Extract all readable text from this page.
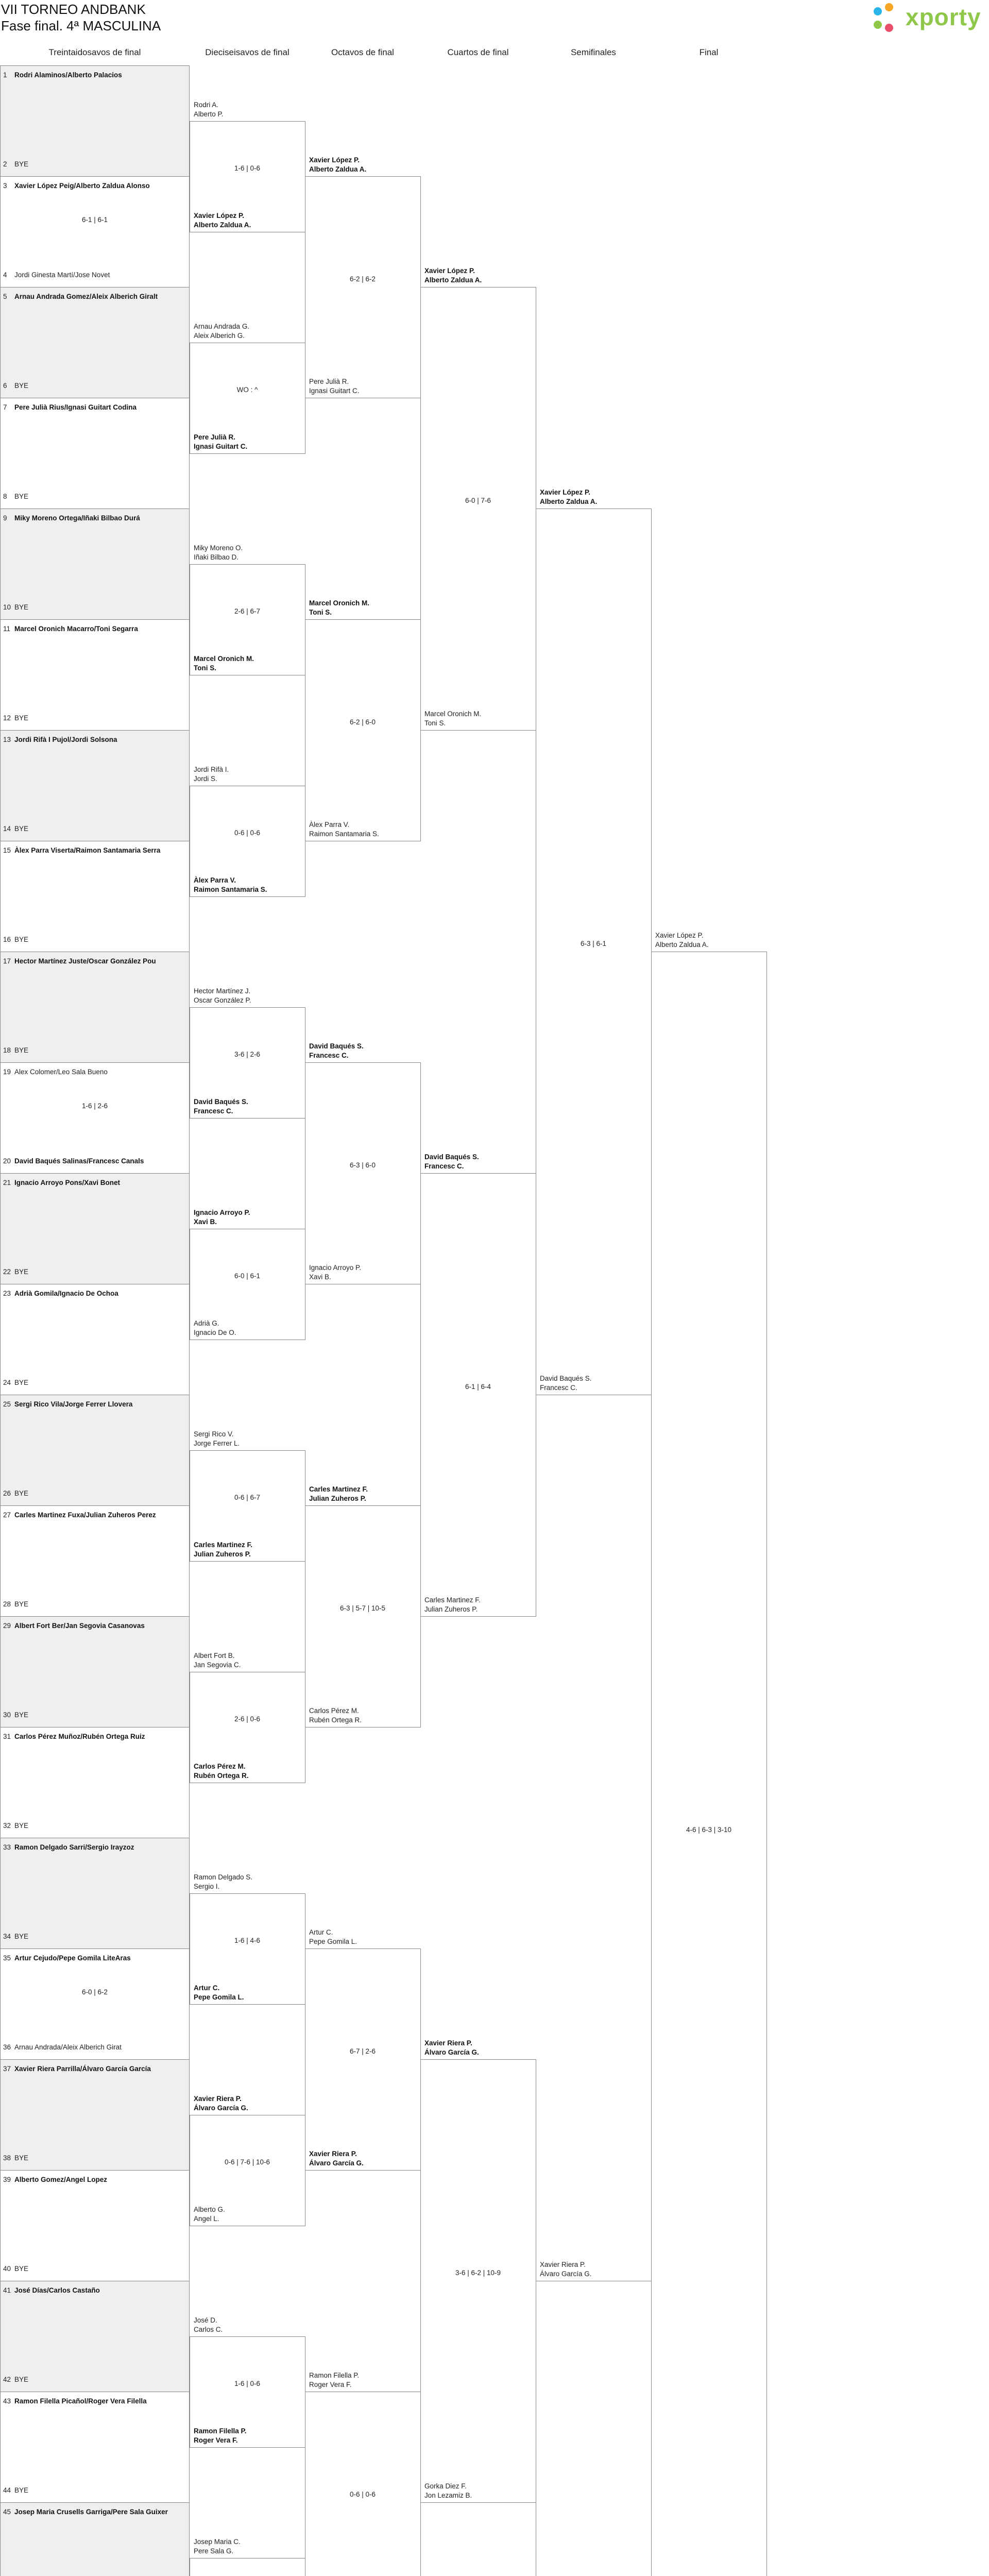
VII TORNEO ANDBANK
Fase final. 4ª MASCULINA	xporty
Treintaidosavos de final	Dieciseisavos de final	Octavos de final	Cuartos de final	Semifinales	Final
1 Rodri Alaminos/Alberto Palacios
2 BYE
3 Xavier López Peig/Alberto Zaldua Alonso
4 Jordi Ginesta Martí/Jose Novet
6-1 | 6-1
5 Arnau Andrada Gomez/Aleix Alberich Giralt
6 BYE
7 Pere Julià Rius/Ignasi Guitart Codina
8 BYE
9 Miky Moreno Ortega/Iñaki Bilbao Durá
10 BYE
11 Marcel Oronich Macarro/Toni Segarra
12 BYE
13 Jordi Rifà I Pujol/Jordi Solsona
14 BYE
15 Àlex Parra Viserta/Raimon Santamaria Serra
16 BYE
17 Hector Martínez Juste/Oscar González Pou
18 BYE
19 Alex Colomer/Leo Sala Bueno
20 David Baqués Salinas/Francesc Canals
1-6 | 2-6
21 Ignacio Arroyo Pons/Xavi Bonet
22 BYE
23 Adrià Gomila/Ignacio De Ochoa
24 BYE
25 Sergi Rico Vila/Jorge Ferrer Llovera
26 BYE
27 Carles Martinez Fuxa/Julian Zuheros Perez
28 BYE
29 Albert Fort Ber/Jan Segovia Casanovas
30 BYE
31 Carlos Pérez Muñoz/Rubén Ortega Ruiz
32 BYE
33 Ramon Delgado Sarri/Sergio Irayzoz
34 BYE
35 Artur Cejudo/Pepe Gomila LiteAras
36 Arnau Andrada/Aleix Alberich Girat
6-0 | 6-2
37 Xavier Riera Parrilla/Álvaro García García
38 BYE
39 Alberto Gomez/Angel Lopez
40 BYE
41 José Días/Carlos Castaño
42 BYE
43 Ramon Filella Picañol/Roger Vera Filella
44 BYE
45 Josep Maria Crusells Garriga/Pere Sala Guixer
Rodri A.
Alberto P.
Xavier López P.
Alberto Zaldua A.
1-6 | 0-6
Arnau Andrada G.
Aleix Alberich G.
Pere Julià R.
Ignasi Guitart C.
WO : ^
Miky Moreno O.
Iñaki Bilbao D.
Marcel Oronich M.
Toni S.
2-6 | 6-7
Jordi Rifà I.
Jordi S.
Àlex Parra V.
Raimon Santamaria S.
0-6 | 0-6
Hector Martínez J.
Oscar González P.
David Baqués S.
Francesc C.
3-6 | 2-6
Ignacio Arroyo P.
Xavi B.
Adrià G.
Ignacio De O.
6-0 | 6-1
Sergi Rico V.
Jorge Ferrer L.
Carles Martinez F.
Julian Zuheros P.
0-6 | 6-7
Albert Fort B.
Jan Segovia C.
Carlos Pérez M.
Rubén Ortega R.
2-6 | 0-6
Ramon Delgado S.
Sergio I.
Artur C.
Pepe Gomila L.
1-6 | 4-6
Xavier Riera P.
Álvaro García G.
Alberto G.
Angel L.
0-6 | 7-6 | 10-6
José D.
Carlos C.
Ramon Filella P.
Roger Vera F.
1-6 | 0-6
Josep Maria C.
Pere Sala G.
Xavier López P.
Alberto Zaldua A.
Pere Julià R.
Ignasi Guitart C.
6-2 | 6-2
Marcel Oronich M.
Toni S.
Àlex Parra V.
Raimon Santamaria S.
6-2 | 6-0
David Baqués S.
Francesc C.
Ignacio Arroyo P.
Xavi B.
6-3 | 6-0
Carles Martinez F.
Julian Zuheros P.
Carlos Pérez M.
Rubén Ortega R.
6-3 | 5-7 | 10-5
Artur C.
Pepe Gomila L.
Xavier Riera P.
Álvaro García G.
6-7 | 2-6
Ramon Filella P.
Roger Vera F.
0-6 | 0-6
Xavier López P.
Alberto Zaldua A.
Marcel Oronich M.
Toni S.
6-0 | 7-6
David Baqués S.
Francesc C.
Carles Martinez F.
Julian Zuheros P.
6-1 | 6-4
Xavier Riera P.
Álvaro García G.
Gorka Diez F.
Jon Lezamiz B.
3-6 | 6-2 | 10-9
Xavier López P.
Alberto Zaldua A.
David Baqués S.
Francesc C.
6-3 | 6-1
Xavier Riera P.
Álvaro García G.
Xavier López P.
Alberto Zaldua A.
4-6 | 6-3 | 3-10
